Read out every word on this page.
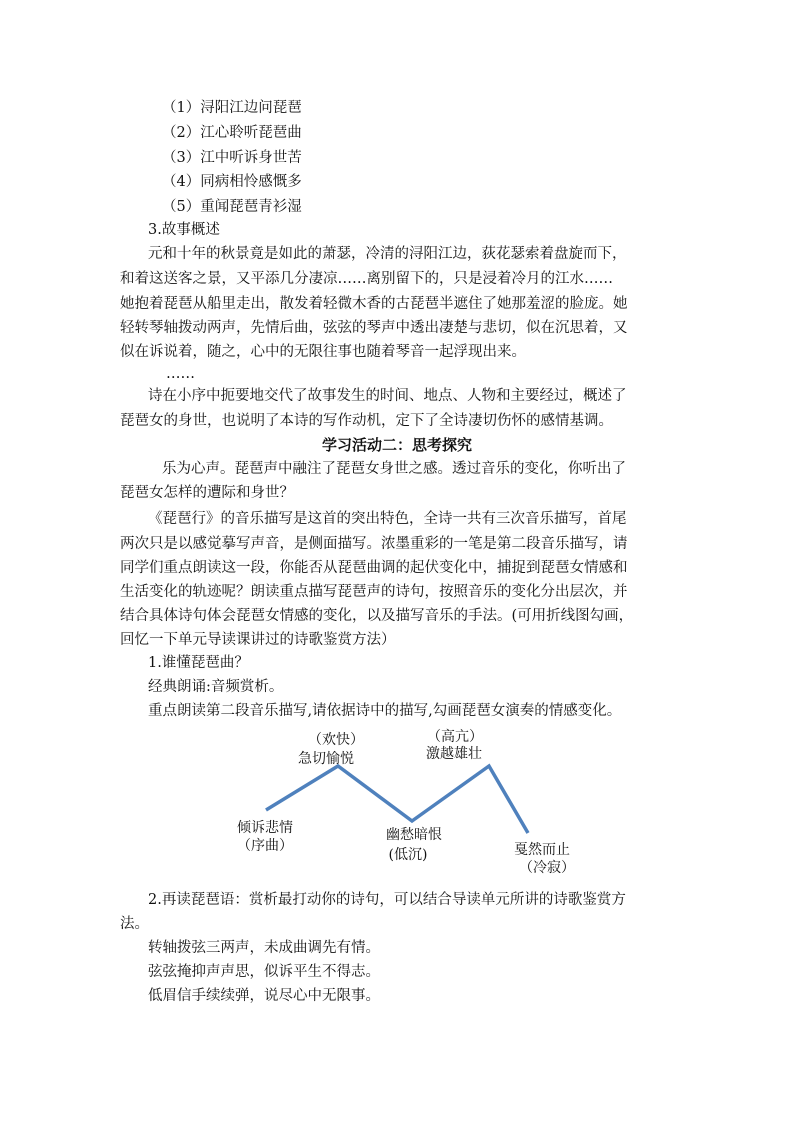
（1）浔阳江边问琵琶
（2）江心聆听琵琶曲
（3）江中听诉身世苦
（4）同病相怜感慨多
（5）重闻琵琶青衫湿
3.故事概述
元和十年的秋景竟是如此的萧瑟，冷清的浔阳江边，荻花瑟索着盘旋而下，
和着这送客之景，又平添几分凄凉……离别留下的，只是浸着冷月的江水……
她抱着琵琶从船里走出，散发着轻微木香的古琵琶半遮住了她那羞涩的脸庞。她
轻转琴轴拨动两声，先情后曲，弦弦的琴声中透出凄楚与悲切，似在沉思着，又
似在诉说着，随之，心中的无限往事也随着琴音一起浮现出来。
……
诗在小序中扼要地交代了故事发生的时间、地点、人物和主要经过，概述了
琵琶女的身世，也说明了本诗的写作动机，定下了全诗凄切伤怀的感情基调。
学习活动二：思考探究
乐为心声。琵琶声中融注了琵琶女身世之感。透过音乐的变化，你听出了
琵琶女怎样的遭际和身世？
《琵琶行》的音乐描写是这首的突出特色，全诗一共有三次音乐描写，首尾
两次只是以感觉摹写声音，是侧面描写。浓墨重彩的一笔是第二段音乐描写，请
同学们重点朗读这一段，你能否从琵琶曲调的起伏变化中，捕捉到琵琶女情感和
生活变化的轨迹呢？朗读重点描写琵琶声的诗句，按照音乐的变化分出层次，并
结合具体诗句体会琵琶女情感的变化，以及描写音乐的手法。(可用折线图勾画，
回忆一下单元导读课讲过的诗歌鉴赏方法）
1.谁懂琵琶曲？
经典朗诵:音频赏析。
重点朗读第二段音乐描写,请依据诗中的描写,勾画琵琶女演奏的情感变化。
（欢快）
急切愉悦
（高亢）
激越雄壮
倾诉悲情
（序曲）
幽愁暗恨
(低沉)	戛然而止
（冷寂）
2.再读琵琶语：赏析最打动你的诗句，可以结合导读单元所讲的诗歌鉴赏方
法。
转轴拨弦三两声，未成曲调先有情。
弦弦掩抑声声思，似诉平生不得志。
低眉信手续续弹，说尽心中无限事。
